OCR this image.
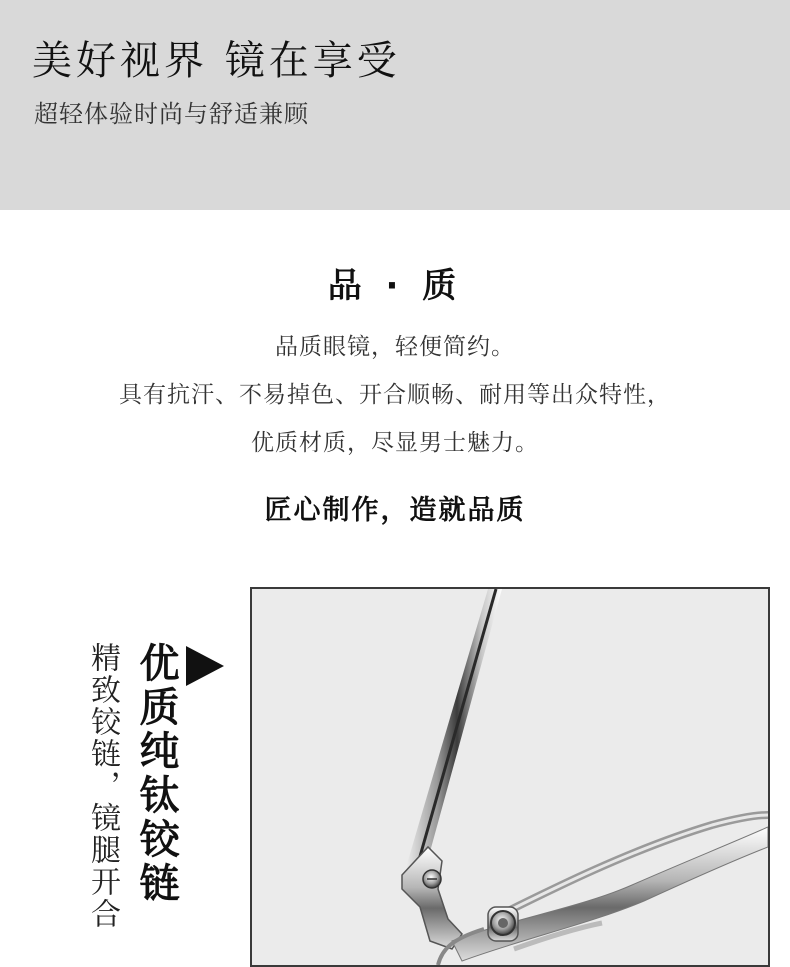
美好视界 镜在享受
超轻体验时尚与舒适兼顾
品 · 质
品质眼镜，轻便简约。
具有抗汗、不易掉色、开合顺畅、耐用等出众特性，
优质材质，尽显男士魅力。
匠心制作，造就品质
精致铰链，镜腿开合 优质纯钛铰链
